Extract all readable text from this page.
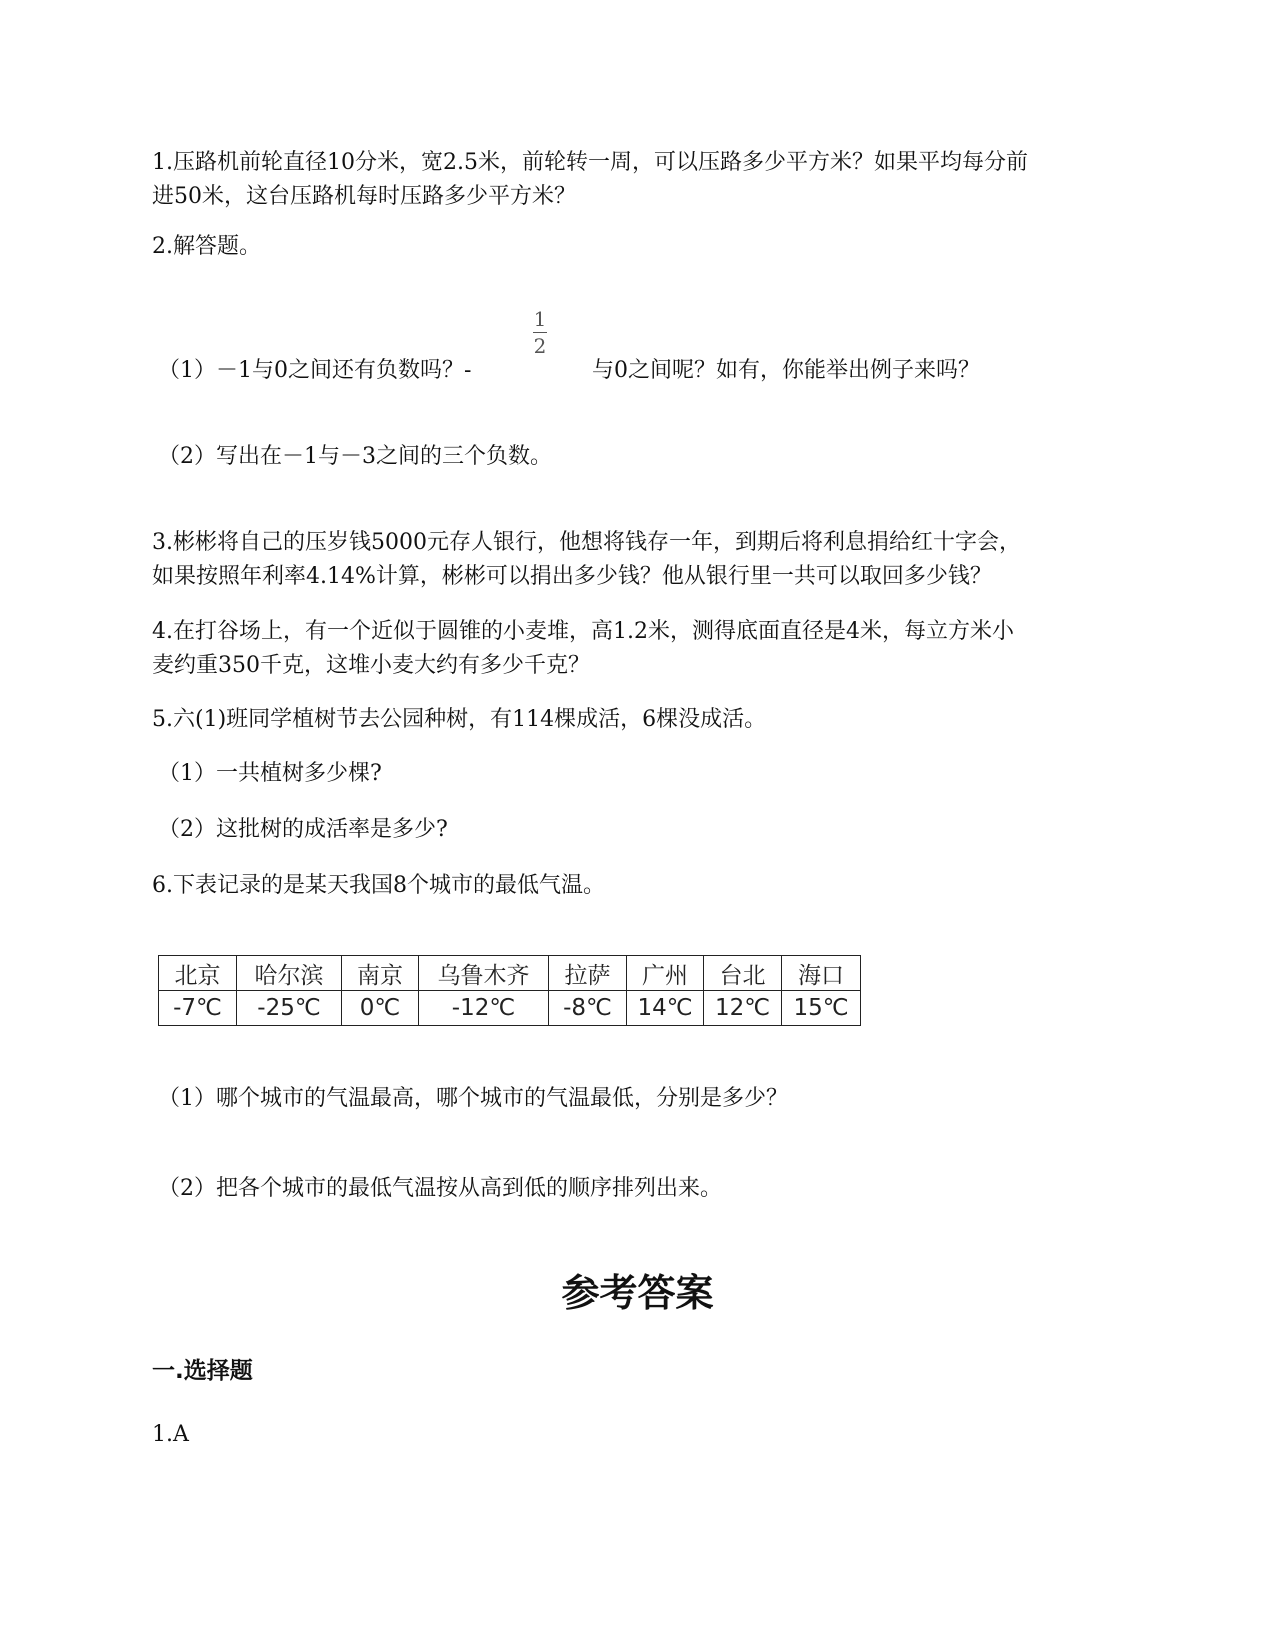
1.压路机前轮直径10分米，宽2.5米，前轮转一周，可以压路多少平方米？如果平均每分前
进50米，这台压路机每时压路多少平方米？
2.解答题。
1
2
（1）－1与0之间还有负数吗？-	与0之间呢？如有，你能举出例子来吗？
（2）写出在－1与－3之间的三个负数。
3.彬彬将自己的压岁钱5000元存人银行，他想将钱存一年，到期后将利息捐给红十字会，
如果按照年利率4.14%计算，彬彬可以捐出多少钱？他从银行里一共可以取回多少钱？
4.在打谷场上，有一个近似于圆锥的小麦堆，高1.2米，测得底面直径是4米，每立方米小
麦约重350千克，这堆小麦大约有多少千克？
5.六(1)班同学植树节去公园种树，有114棵成活，6棵没成活。
（1）一共植树多少棵?
（2）这批树的成活率是多少?
6.下表记录的是某天我国8个城市的最低气温。
北京	哈尔滨	南京	乌鲁木齐	拉萨	广州	台北	海口
-7℃	-25℃	0℃	-12℃	-8℃	14℃	12℃	15℃
（1）哪个城市的气温最高，哪个城市的气温最低，分别是多少？
（2）把各个城市的最低气温按从高到低的顺序排列出来。
参考答案
一.选择题
1.A
